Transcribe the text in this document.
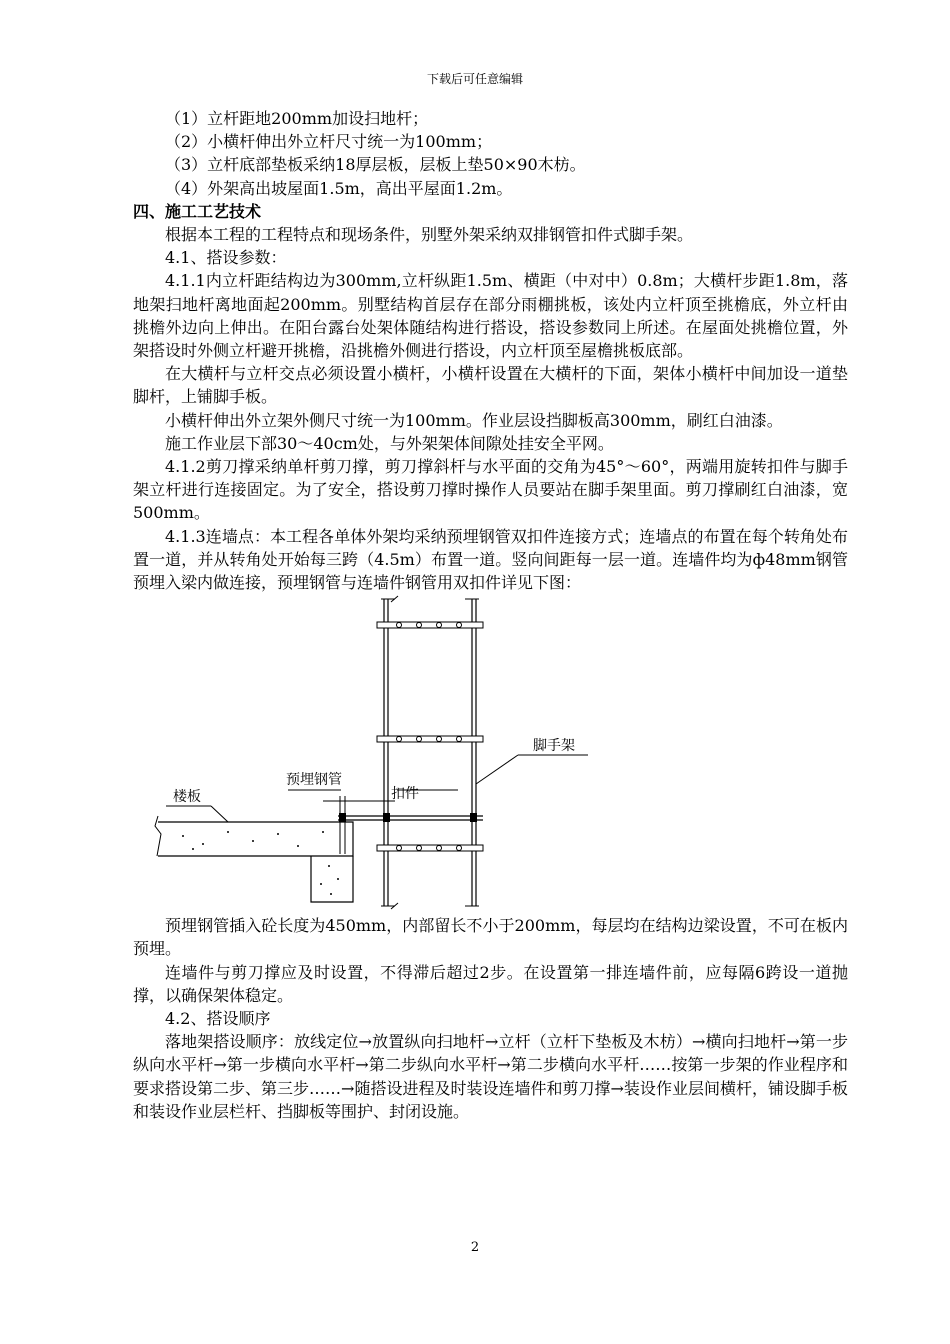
下载后可任意编辑

（1）立杆距地200mm加设扫地杆；

（2）小横杆伸出外立杆尺寸统一为100mm；

（3）立杆底部垫板采纳18厚层板，层板上垫50×90木枋。

（4）外架高出坡屋面1.5m，高出平屋面1.2m。

四、施工工艺技术

根据本工程的工程特点和现场条件，别墅外架采纳双排钢管扣件式脚手架。

4.1、搭设参数：

4.1.1内立杆距结构边为300mm,立杆纵距1.5m、横距（中对中）0.8m；大横杆步距1.8m，落地架扫地杆离地面起200mm。别墅结构首层存在部分雨棚挑板，该处内立杆顶至挑檐底，外立杆由挑檐外边向上伸出。在阳台露台处架体随结构进行搭设，搭设参数同上所述。在屋面处挑檐位置，外架搭设时外侧立杆避开挑檐，沿挑檐外侧进行搭设，内立杆顶至屋檐挑板底部。

在大横杆与立杆交点必须设置小横杆，小横杆设置在大横杆的下面，架体小横杆中间加设一道垫脚杆，上铺脚手板。

小横杆伸出外立架外侧尺寸统一为100mm。作业层设挡脚板高300mm，刷红白油漆。

施工作业层下部30～40cm处，与外架架体间隙处挂安全平网。

4.1.2剪刀撑采纳单杆剪刀撑，剪刀撑斜杆与水平面的交角为45°～60°，两端用旋转扣件与脚手架立杆进行连接固定。为了安全，搭设剪刀撑时操作人员要站在脚手架里面。剪刀撑刷红白油漆，宽500mm。

4.1.3连墙点：本工程各单体外架均采纳预埋钢管双扣件连接方式；连墙点的布置在每个转角处布置一道，并从转角处开始每三跨（4.5m）布置一道。竖向间距每一层一道。连墙件均为ф48mm钢管预埋入梁内做连接，预埋钢管与连墙件钢管用双扣件详见下图：

脚手架
预埋钢管
扣件
楼板

预埋钢管插入砼长度为450mm，内部留长不小于200mm，每层均在结构边梁设置，不可在板内预埋。

连墙件与剪刀撑应及时设置，不得滞后超过2步。在设置第一排连墙件前，应每隔6跨设一道抛撑，以确保架体稳定。

4.2、搭设顺序

落地架搭设顺序：放线定位→放置纵向扫地杆→立杆（立杆下垫板及木枋）→横向扫地杆→第一步纵向水平杆→第一步横向水平杆→第二步纵向水平杆→第二步横向水平杆……按第一步架的作业程序和要求搭设第二步、第三步……→随搭设进程及时装设连墙件和剪刀撑→装设作业层间横杆，铺设脚手板和装设作业层栏杆、挡脚板等围护、封闭设施。

2
